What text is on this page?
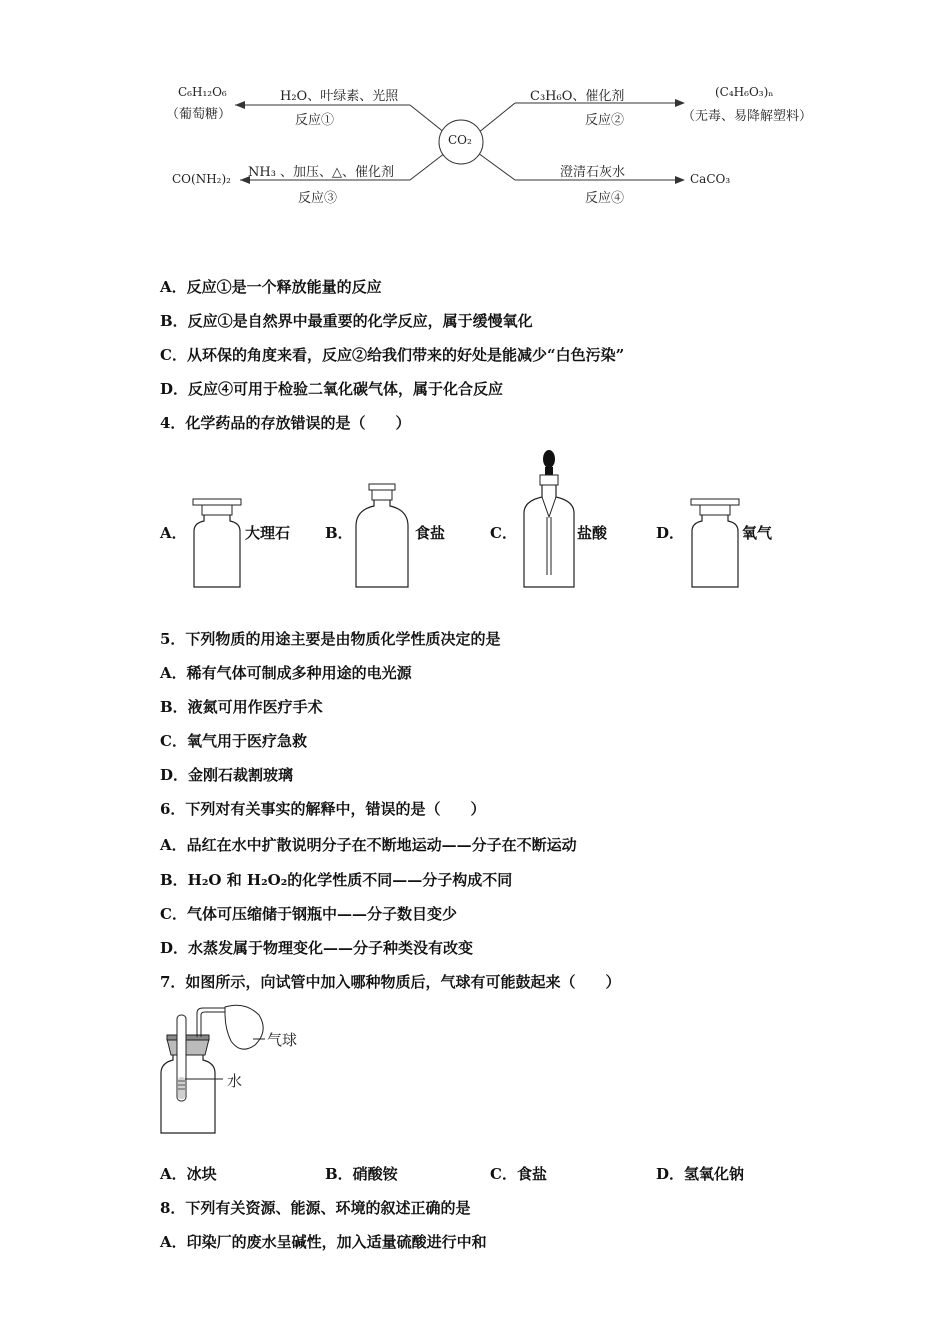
CO₂
C₆H₁₂O₆
（葡萄糖）
H₂O、叶绿素、光照
反应①
C₃H₆O、催化剂
反应②
(C₄H₆O₃)ₙ
（无毒、易降解塑料）
CO(NH₂)₂ NH₃ 、加压、△、催化剂
反应③
澄清石灰水
反应④
CaCO₃
A．反应①是一个释放能量的反应
B．反应①是自然界中最重要的化学反应，属于缓慢氧化
C．从环保的角度来看，反应②给我们带来的好处是能减少“白色污染”
D．反应④可用于检验二氧化碳气体，属于化合反应
4．化学药品的存放错误的是（　　）
A．	大理石 B．	食盐	C．	盐酸	D．	氧气
5．下列物质的用途主要是由物质化学性质决定的是
A．稀有气体可制成多种用途的电光源
B．液氮可用作医疗手术
C．氧气用于医疗急救
D．金刚石裁割玻璃
6．下列对有关事实的解释中，错误的是（　　）
A．品红在水中扩散说明分子在不断地运动——分子在不断运动
B．H₂O 和 H₂O₂的化学性质不同——分子构成不同
C．气体可压缩储于钢瓶中——分子数目变少
D．水蒸发属于物理变化——分子种类没有改变
7．如图所示，向试管中加入哪种物质后，气球有可能鼓起来（　　）
气球
水
A．冰块	B．硝酸铵	C．食盐	D．氢氧化钠
8．下列有关资源、能源、环境的叙述正确的是
A．印染厂的废水呈碱性，加入适量硫酸进行中和
